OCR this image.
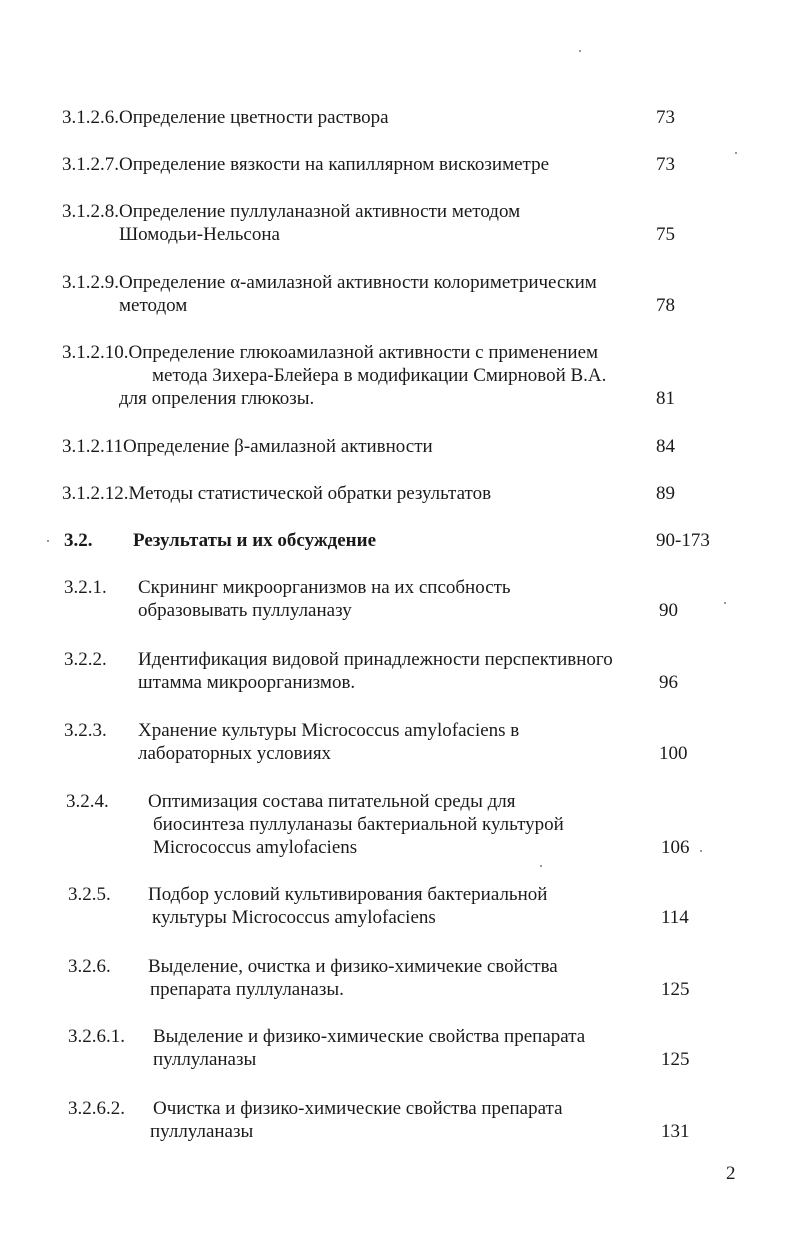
3.1.2.6.Определение цветности раствора	73
3.1.2.7.Определение вязкости на капиллярном вискозиметре	73
3.1.2.8.Определение пуллуланазной активности методом
Шомодьи-Нельсона	75
3.1.2.9.Определение α-амилазной активности колориметрическим
методом	78
3.1.2.10.Определение глюкоамилазной активности с применением
метода Зихера-Блейера в модификации Смирновой В.А.
для опреления глюкозы.	81
3.1.2.11Определение β-амилазной активности	84
3.1.2.12.Методы статистической обратки результатов	89
3.2. Результаты и их обсуждение	90-173
3.2.1. Скрининг микроорганизмов на их спсобность
образовывать пуллуланазу	90
3.2.2. Идентификация видовой принадлежности перспективного
штамма микроорганизмов.	96
3.2.3. Хранение культуры Micrococcus amylofaciens в
лабораторных условиях	100
3.2.4. Оптимизация состава питательной среды для
биосинтеза пуллуланазы бактериальной культурой
Micrococcus amylofaciens	106
3.2.5. Подбор условий культивирования бактериальной
культуры Micrococcus amylofaciens	114
3.2.6. Выделение, очистка и физико-химичекие свойства
препарата пуллуланазы.	125
3.2.6.1. Выделение и физико-химические свойства препарата
пуллуланазы	125
3.2.6.2. Очистка и физико-химические свойства препарата
пуллуланазы	131
2
